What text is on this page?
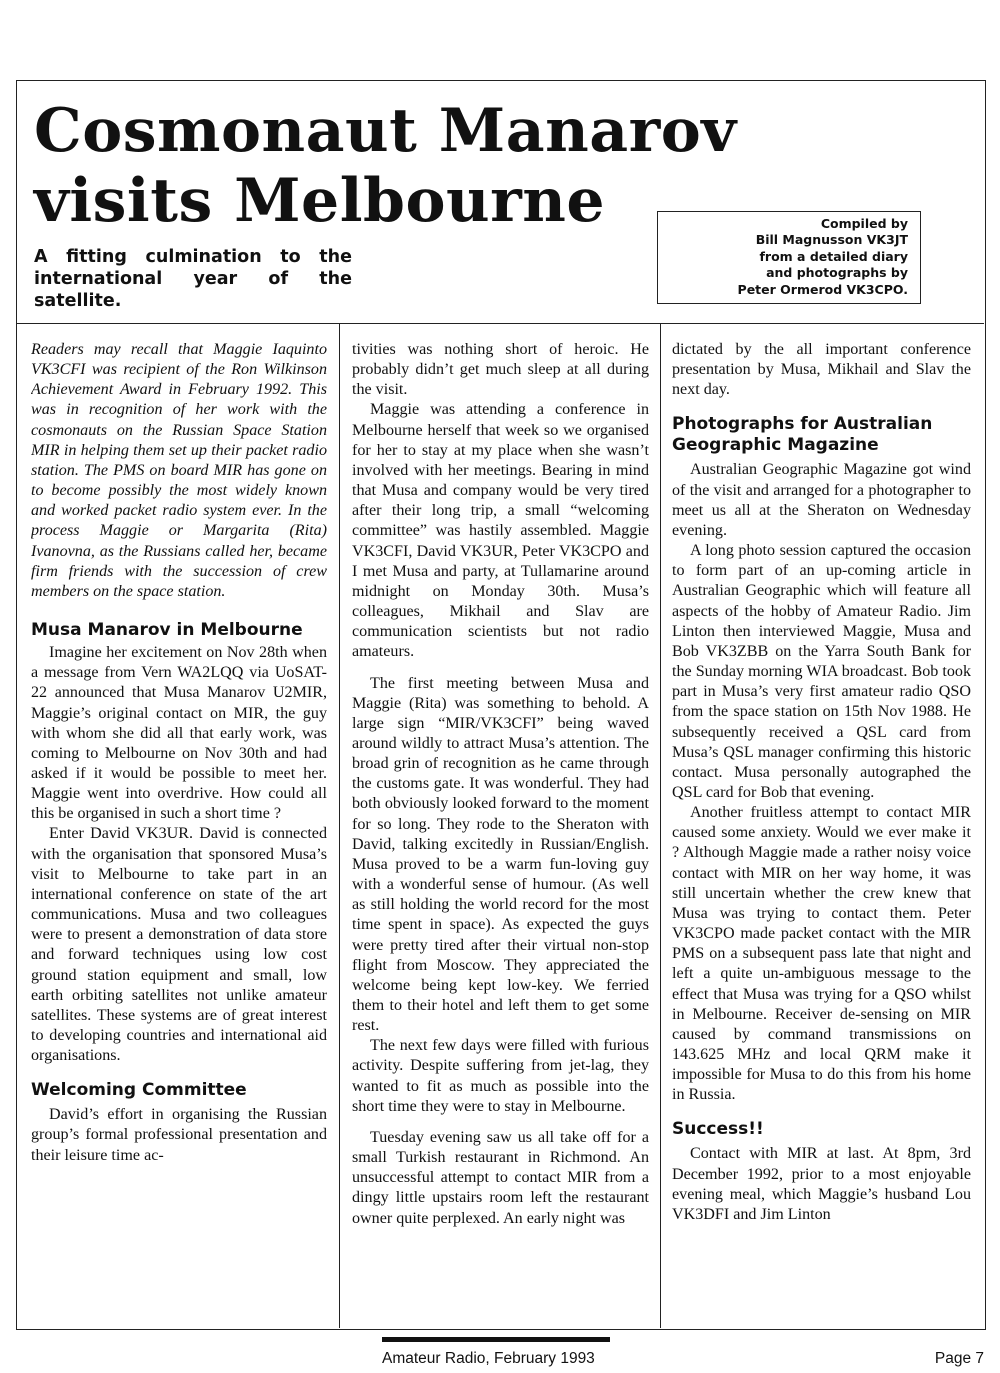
Cosmonaut Manarov
visits Melbourne
A fitting culmination to the international year of the satellite.
Compiled by
Bill Magnusson VK3JT
from a detailed diary
and photographs by
Peter Ormerod VK3CPO.

Readers may recall that Maggie Iaquinto VK3CFI was recipient of the Ron Wilkinson Achievement Award in February 1992. This was in recognition of her work with the cosmonauts on the Russian Space Station MIR in helping them set up their packet radio station. The PMS on board MIR has gone on to become possibly the most widely known and worked packet radio system ever. In the process Maggie or Margarita (Rita) Ivanovna, as the Russians called her, became firm friends with the succession of crew members on the space station.

Musa Manarov in Melbourne

Imagine her excitement on Nov 28th when a message from Vern WA2LQQ via UoSAT-22 announced that Musa Manarov U2MIR, Maggie’s original contact on MIR, the guy with whom she did all that early work, was coming to Melbourne on Nov 30th and had asked if it would be possible to meet her. Maggie went into overdrive. How could all this be organised in such a short time ?

Enter David VK3UR. David is connected with the organisation that sponsored Musa’s visit to Melbourne to take part in an international conference on state of the art communications. Musa and two colleagues were to present a demonstration of data store and forward techniques using low cost ground station equipment and small, low earth orbiting satellites not unlike amateur satellites. These systems are of great interest to developing countries and international aid organisations.

Welcoming Committee

David’s effort in organising the Russian group’s formal professional presentation and their leisure time ac-

tivities was nothing short of heroic. He probably didn’t get much sleep at all during the visit.

Maggie was attending a conference in Melbourne herself that week so we organised for her to stay at my place when she wasn’t involved with her meetings. Bearing in mind that Musa and company would be very tired after their long trip, a small “welcoming committee” was hastily assembled. Maggie VK3CFI, David VK3UR, Peter VK3CPO and I met Musa and party, at Tullamarine around midnight on Monday 30th. Musa’s colleagues, Mikhail and Slav are communication scientists but not radio amateurs.

The first meeting between Musa and Maggie (Rita) was something to behold. A large sign “MIR/VK3CFI” being waved around wildly to attract Musa’s attention. The broad grin of recognition as he came through the customs gate. It was wonderful. They had both obviously looked forward to the moment for so long. They rode to the Sheraton with David, talking excitedly in Russian/English. Musa proved to be a warm fun-loving guy with a wonderful sense of humour. (As well as still holding the world record for the most time spent in space). As expected the guys were pretty tired after their virtual non-stop flight from Moscow. They appreciated the welcome being kept low-key. We ferried them to their hotel and left them to get some rest.

The next few days were filled with furious activity. Despite suffering from jet-lag, they wanted to fit as much as possible into the short time they were to stay in Melbourne.

Tuesday evening saw us all take off for a small Turkish restaurant in Richmond. An unsuccessful attempt to contact MIR from a dingy little upstairs room left the restaurant owner quite perplexed. An early night was

dictated by the all important conference presentation by Musa, Mikhail and Slav the next day.

Photographs for Australian Geographic Magazine

Australian Geographic Magazine got wind of the visit and arranged for a photographer to meet us all at the Sheraton on Wednesday evening.

A long photo session captured the occasion to form part of an up-coming article in Australian Geographic which will feature all aspects of the hobby of Amateur Radio. Jim Linton then interviewed Maggie, Musa and Bob VK3ZBB on the Yarra South Bank for the Sunday morning WIA broadcast. Bob took part in Musa’s very first amateur radio QSO from the space station on 15th Nov 1988. He subsequently received a QSL card from Musa’s QSL manager confirming this historic contact. Musa personally autographed the QSL card for Bob that evening.

Another fruitless attempt to contact MIR caused some anxiety. Would we ever make it ? Although Maggie made a rather noisy voice contact with MIR on her way home, it was still uncertain whether the crew knew that Musa was trying to contact them. Peter VK3CPO made packet contact with the MIR PMS on a subsequent pass late that night and left a quite un-ambiguous message to the effect that Musa was trying for a QSO whilst in Melbourne. Receiver de-sensing on MIR caused by command transmissions on 143.625 MHz and local QRM make it impossible for Musa to do this from his home in Russia.

Success!!

Contact with MIR at last. At 8pm, 3rd December 1992, prior to a most enjoyable evening meal, which Maggie’s husband Lou VK3DFI and Jim Linton

Amateur Radio, February 1993	Page 7
